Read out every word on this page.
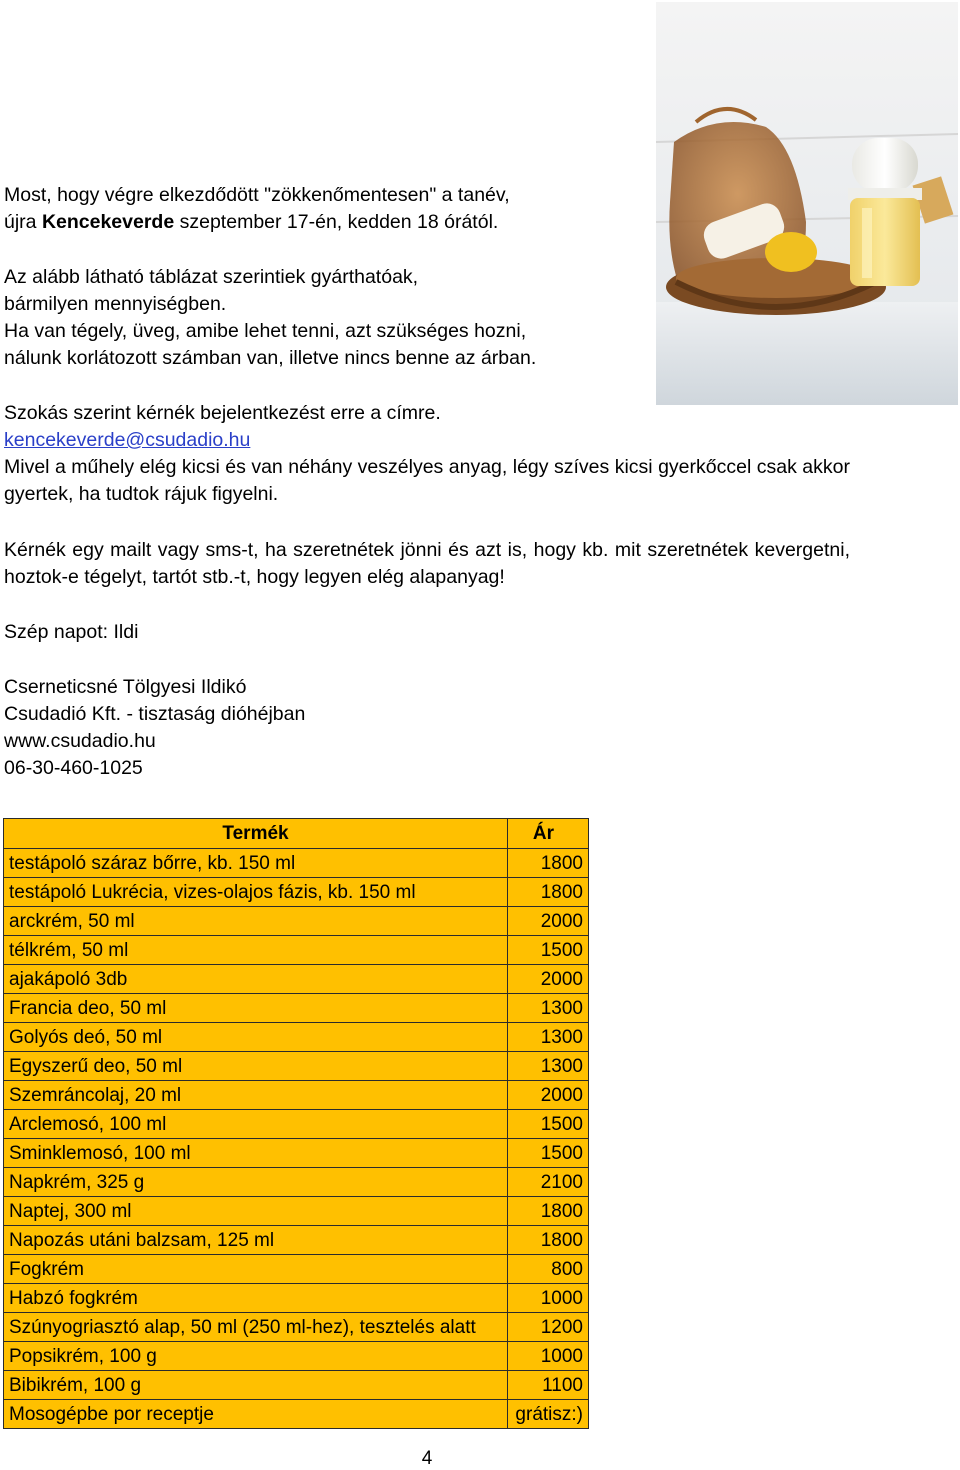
Most, hogy végre elkezdődött "zökkenőmentesen" a tanév,
újra Kencekeverde szeptember 17-én, kedden 18 órától.
Az alább látható táblázat szerintiek gyárthatóak,
bármilyen mennyiségben.
Ha van tégely, üveg, amibe lehet tenni, azt szükséges hozni,
nálunk korlátozott számban van, illetve nincs benne az árban.
Szokás szerint kérnék bejelentkezést erre a címre.
kencekeverde@csudadio.hu
Mivel a műhely elég kicsi és van néhány veszélyes anyag, légy szíves kicsi gyerkőccel csak akkor gyertek, ha tudtok rájuk figyelni.
Kérnék egy mailt vagy sms-t, ha szeretnétek jönni és azt is, hogy kb. mit szeretnétek kevergetni, hoztok-e tégelyt, tartót stb.-t, hogy legyen elég alapanyag!
Szép napot: Ildi
Cserneticsné Tölgyesi Ildikó
Csudadió Kft. - tisztaság dióhéjban
www.csudadio.hu
06-30-460-1025
Termék	Ár
testápoló száraz bőrre, kb. 150 ml	1800
testápoló Lukrécia, vizes-olajos fázis, kb. 150 ml	1800
arckrém, 50 ml	2000
télkrém, 50 ml	1500
ajakápoló 3db	2000
Francia deo, 50 ml	1300
Golyós deó, 50 ml	1300
Egyszerű deo, 50 ml	1300
Szemráncolaj, 20 ml	2000
Arclemosó, 100 ml	1500
Sminklemosó, 100 ml	1500
Napkrém, 325 g	2100
Naptej, 300 ml	1800
Napozás utáni balzsam, 125 ml	1800
Fogkrém	800
Habzó fogkrém	1000
Szúnyogriasztó alap, 50 ml (250 ml-hez), tesztelés alatt	1200
Popsikrém, 100 g	1000
Bibikrém, 100 g	1100
Mosogépbe por receptje	grátisz:)
4
